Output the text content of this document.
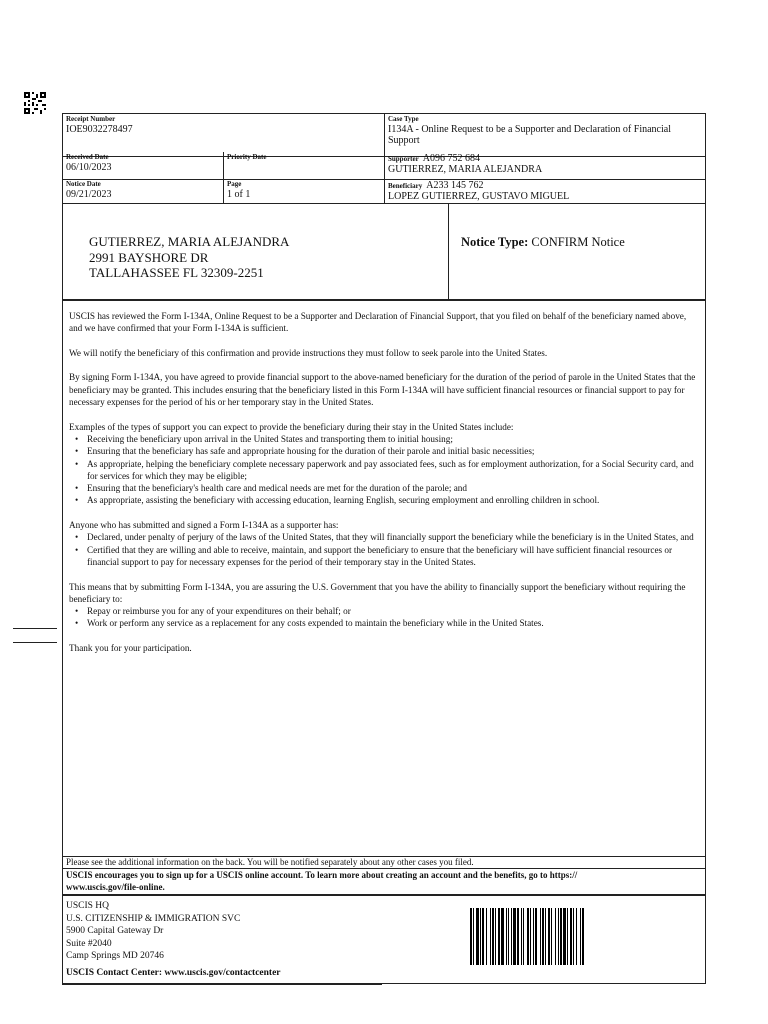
Receipt Number
IOE9032278497
Case Type
I134A - Online Request to be a Supporter and Declaration of Financial Support
Received Date
06/10/2023
Priority Date	Supporter A096 752 684
GUTIERREZ, MARIA ALEJANDRA
Notice Date
09/21/2023
Page
1 of 1
Beneficiary A233 145 762
LOPEZ GUTIERREZ, GUSTAVO MIGUEL
GUTIERREZ, MARIA ALEJANDRA
2991 BAYSHORE DR
TALLAHASSEE FL 32309-2251
Notice Type: CONFIRM Notice

USCIS has reviewed the Form I-134A, Online Request to be a Supporter and Declaration of Financial Support, that you filed on behalf of the beneficiary named above, and we have confirmed that your Form I-134A is sufficient.

We will notify the beneficiary of this confirmation and provide instructions they must follow to seek parole into the United States.

By signing Form I-134A, you have agreed to provide financial support to the above-named beneficiary for the duration of the period of parole in the United States that the beneficiary may be granted. This includes ensuring that the beneficiary listed in this Form I-134A will have sufficient financial resources or financial support to pay for necessary expenses for the period of his or her temporary stay in the United States.

Examples of the types of support you can expect to provide the beneficiary during their stay in the United States include:

• Receiving the beneficiary upon arrival in the United States and transporting them to initial housing;
• Ensuring that the beneficiary has safe and appropriate housing for the duration of their parole and initial basic necessities;
• As appropriate, helping the beneficiary complete necessary paperwork and pay associated fees, such as for employment authorization, for a Social Security card, and for services for which they may be eligible;
• Ensuring that the beneficiary's health care and medical needs are met for the duration of the parole; and
• As appropriate, assisting the beneficiary with accessing education, learning English, securing employment and enrolling children in school.

Anyone who has submitted and signed a Form I-134A as a supporter has:

• Declared, under penalty of perjury of the laws of the United States, that they will financially support the beneficiary while the beneficiary is in the United States, and
• Certified that they are willing and able to receive, maintain, and support the beneficiary to ensure that the beneficiary will have sufficient financial resources or financial support to pay for necessary expenses for the period of their temporary stay in the United States.

This means that by submitting Form I-134A, you are assuring the U.S. Government that you have the ability to financially support the beneficiary without requiring the beneficiary to:

• Repay or reimburse you for any of your expenditures on their behalf; or
• Work or perform any service as a replacement for any costs expended to maintain the beneficiary while in the United States.

Thank you for your participation.

Please see the additional information on the back. You will be notified separately about any other cases you filed.
USCIS encourages you to sign up for a USCIS online account. To learn more about creating an account and the benefits, go to https://
www.uscis.gov/file-online.
USCIS HQ
U.S. CITIZENSHIP & IMMIGRATION SVC
5900 Capital Gateway Dr
Suite #2040
Camp Springs MD 20746
USCIS Contact Center: www.uscis.gov/contactcenter
